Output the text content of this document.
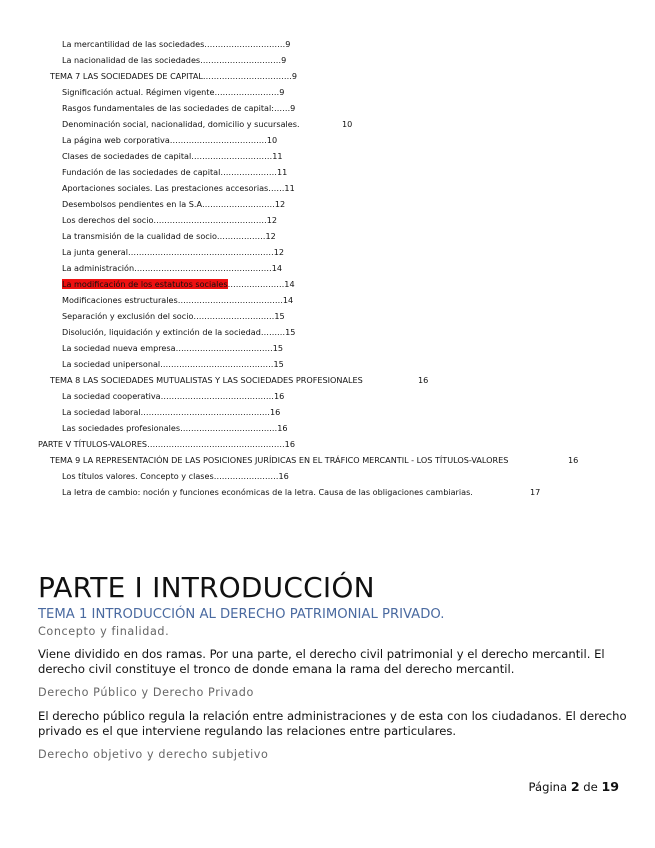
La mercantilidad de las sociedades…………………………9
La nacionalidad de las sociedades…………………………9
TEMA 7 LAS SOCIEDADES DE CAPITAL……………………………9
Significación actual. Régimen vigente……………………9
Rasgos fundamentales de las sociedades de capital:……9
Denominación social, nacionalidad, domicilio y sucursales.	10
La página web corporativa………………………………10
Clases de sociedades de capital…………………………11
Fundación de las sociedades de capital…………………11
Aportaciones sociales. Las prestaciones accesorias……11
Desembolsos pendientes en la S.A………………………12
Los derechos del socio……………………………………12
La transmisión de la cualidad de socio………………12
La junta general………………………………………………12
La administración……………………………………………14
La modificación de los estatutos sociales…………………14
Modificaciones estructurales…………………………………14
Separación y exclusión del socio…………………………15
Disolución, liquidación y extinción de la sociedad………15
La sociedad nueva empresa………………………………15
La sociedad unipersonal……………………………………15
TEMA 8 LAS SOCIEDADES MUTUALISTAS Y LAS SOCIEDADES PROFESIONALES	16
La sociedad cooperativa……………………………………16
La sociedad laboral…………………………………………16
Las sociedades profesionales………………………………16
PARTE V TÍTULOS-VALORES……………………………………………16
TEMA 9 LA REPRESENTACIÓN DE LAS POSICIONES JURÍDICAS EN EL TRÁFICO MERCANTIL - LOS TÍTULOS-VALORES	16
Los títulos valores. Concepto y clases……………………16
La letra de cambio: noción y funciones económicas de la letra. Causa de las obligaciones cambiarias.	17
PARTE I INTRODUCCIÓN
TEMA 1 INTRODUCCIÓN AL DERECHO PATRIMONIAL PRIVADO.
Concepto y finalidad.

Viene dividido en dos ramas. Por una parte, el derecho civil patrimonial y el derecho mercantil. El derecho civil constituye el tronco de donde emana la rama del derecho mercantil.

Derecho Público y Derecho Privado

El derecho público regula la relación entre administraciones y de esta con los ciudadanos. El derecho privado es el que interviene regulando las relaciones entre particulares.

Derecho objetivo y derecho subjetivo
Página 2 de 19
